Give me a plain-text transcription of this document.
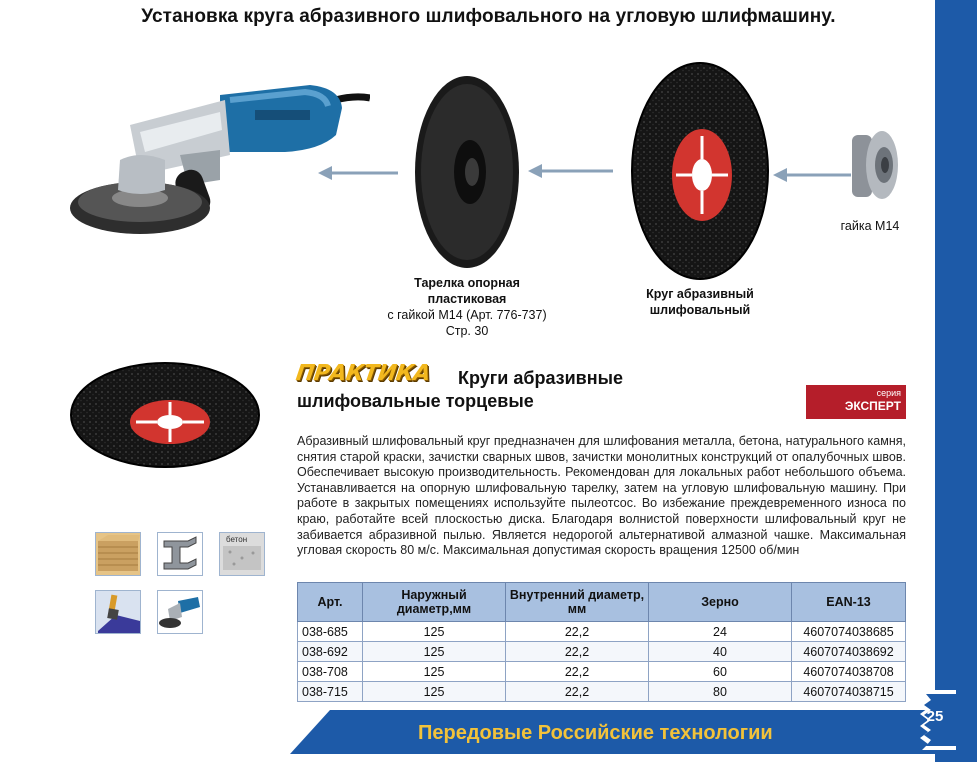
Установка круга абразивного шлифовального на угловую шлифмашину.
гайка М14
Тарелка опорная
пластиковая
с гайкой М14 (Арт. 776-737)
Стр. 30
Круг абразивный
шлифовальный
бетон
ПРАКТИКА Круги абразивные
шлифовальные торцевые	серия
ЭКСПЕРТ
Абразивный шлифовальный круг предназначен для шлифования металла, бетона, натурального камня, снятия старой краски, зачистки сварных швов, зачистки монолитных конструкций от опалубочных швов. Обеспечивает высокую производительность. Рекомендован для локальных работ небольшого объема. Устанавливается на опорную шлифовальную тарелку, затем на угловую шлифовальную машину. При работе в закрытых помещениях используйте пылеотсос. Во избежание преждевременного износа по краю, работайте всей плоскостью диска. Благодаря волнистой поверхности шлифовальный круг не забивается абразивной пылью. Является недорогой альтернативой алмазной чашке. Максимальная угловая скорость 80 м/с. Максимальная допустимая скорость вращения 12500 об/мин
Арт.	Наружный диаметр,мм	Внутренний диаметр, мм	Зерно	EAN-13
038-685	125	22,2	24	4607074038685
038-692	125	22,2	40	4607074038692
038-708	125	22,2	60	4607074038708
038-715	125	22,2	80	4607074038715
Передовые Российские технологии
25
